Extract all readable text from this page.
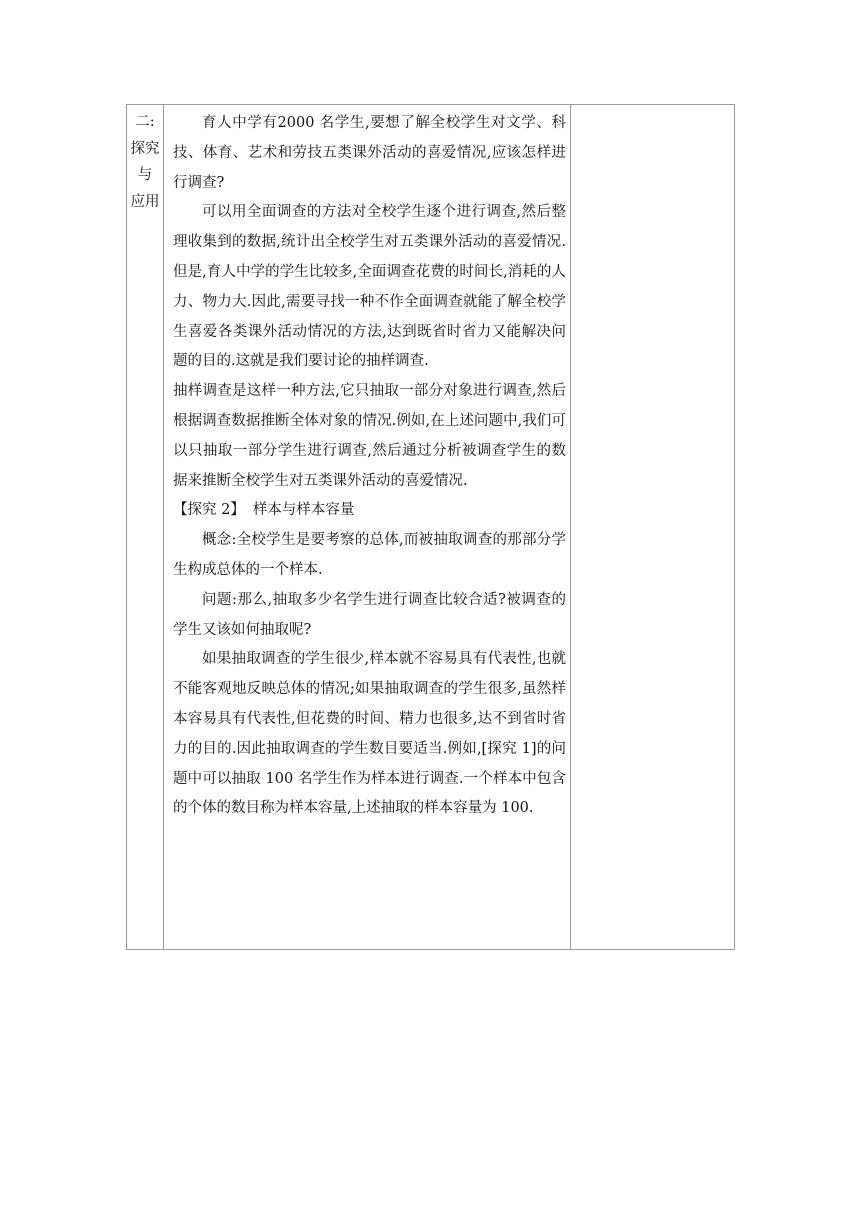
二:
探究
与
应用

育人中学有2000 名学生,要想了解全校学生对文学、科技、体育、艺术和劳技五类课外活动的喜爱情况,应该怎样进行调查?

可以用全面调查的方法对全校学生逐个进行调查,然后整理收集到的数据,统计出全校学生对五类课外活动的喜爱情况.但是,育人中学的学生比较多,全面调查花费的时间长,消耗的人力、物力大.因此,需要寻找一种不作全面调查就能了解全校学生喜爱各类课外活动情况的方法,达到既省时省力又能解决问题的目的.这就是我们要讨论的抽样调查.

抽样调查是这样一种方法,它只抽取一部分对象进行调查,然后根据调查数据推断全体对象的情况.例如,在上述问题中,我们可以只抽取一部分学生进行调查,然后通过分析被调查学生的数据来推断全校学生对五类课外活动的喜爱情况.

【探究 2】 样本与样本容量

概念:全校学生是要考察的总体,而被抽取调查的那部分学生构成总体的一个样本.

问题:那么,抽取多少名学生进行调查比较合适?被调查的学生又该如何抽取呢?

如果抽取调查的学生很少,样本就不容易具有代表性,也就不能客观地反映总体的情况;如果抽取调查的学生很多,虽然样本容易具有代表性,但花费的时间、精力也很多,达不到省时省力的目的.因此抽取调查的学生数目要适当.例如,[探究 1]的问题中可以抽取 100 名学生作为样本进行调查.一个样本中包含的个体的数目称为样本容量,上述抽取的样本容量为 100.
